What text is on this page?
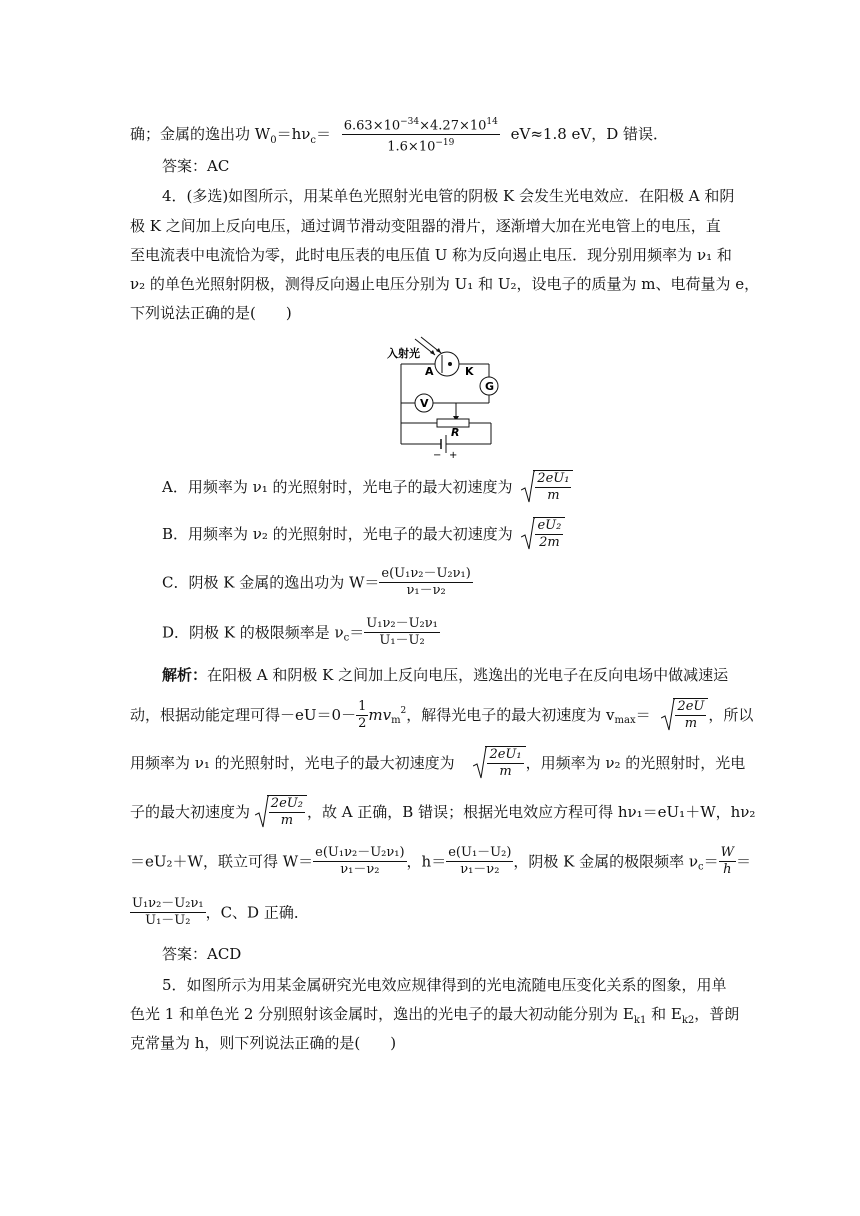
确；金属的逸出功 $W_0=h\nu_c= \frac{6.63\times 10^{-34}\times 4.27\times 10^{14}}{1.6\times 10^{-19}} eV\approx 1.8$ eV，D 错误．
答案：AC
4．(多选)如图所示，用某单色光照射光电管的阴极 K 会发生光电效应．在阳极 A 和阴
极 K 之间加上反向电压，通过调节滑动变阻器的滑片，逐渐增大加在光电管上的电压，直
至电流表中电流恰为零，此时电压表的电压值 U 称为反向遏止电压．现分别用频率为 ν₁ 和
ν₂ 的单色光照射阴极，测得反向遏止电压分别为 U₁ 和 U₂，设电子的质量为 m、电荷量为 e，
下列说法正确的是(　　)
入射光
A	K
G
V
R
− +
A．用频率为 ν₁ 的光照射时，光电子的最大初速度为 $\frac{\text{2eU₁}}{m}$
B．用频率为 ν₂ 的光照射时，光电子的最大初速度为 $\frac{\text{eU₂}}{2m}$
C．阴极 K 金属的逸出功为 $W= \frac{\text{e(U₁ν₂－U₂ν₁)}}{\text{ν₁－ν₂}}$
D．阴极 K 的极限频率是 $\nu_c= \frac{\text{U₁ν₂－U₂ν₁}}{\text{U₁－U₂}}$
解析：在阳极 A 和阴极 K 之间加上反向电压，逃逸出的光电子在反向电场中做减速运
动，根据动能定理可得$-eU=0- \frac{1}{2} mv_m^2$，解得光电子的最大初速度为 $v_{max}= \frac{2eU}{m}$ ，所以
用频率为 ν₁ 的光照射时，光电子的最大初速度为	$\frac{\text{2eU₁}}{m}$ ，用频率为 ν₂ 的光照射时，光电
子的最大初速度为 $\frac{\text{2eU₂}}{m}$ ，故 A 正确，B 错误；根据光电效应方程可得 hν₁＝eU₁＋W，hν₂
＝eU₂＋W，联立可得 $W= \frac{\text{e(U₁ν₂－U₂ν₁)}}{\text{ν₁－ν₂}}$ ，$h= \frac{\text{e(U₁－U₂)}}{\text{ν₁－ν₂}}$ ，阴极 K 金属的极限频率 $\nu_c= \frac{W}{h}$ ＝
$\frac{\text{U₁ν₂－U₂ν₁}}{\text{U₁－U₂}}$ ，C、D 正确．
答案：ACD
5．如图所示为用某金属研究光电效应规律得到的光电流随电压变化关系的图象，用单
色光 1 和单色光 2 分别照射该金属时，逸出的光电子的最大初动能分别为 $E_{k1}$ 和 $E_{k2}$，普朗
克常量为 h，则下列说法正确的是(　　)
